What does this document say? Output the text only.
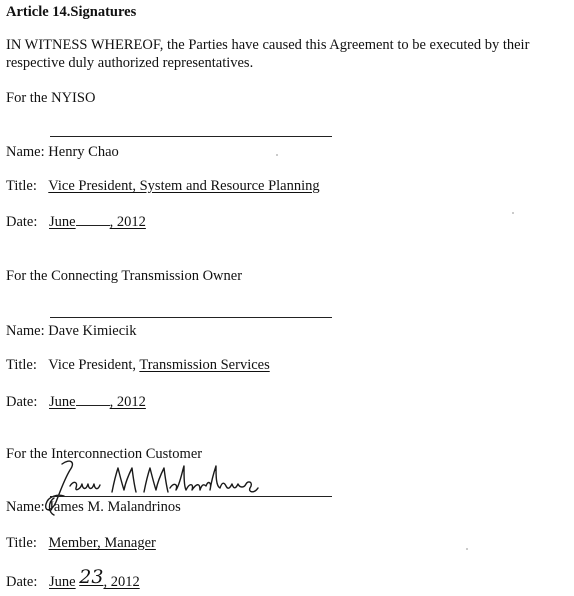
Article 14.Signatures
IN WITNESS WHEREOF, the Parties have caused this Agreement to be executed by their respective duly authorized representatives.
For the NYISO
Name: Henry Chao
Title: Vice President, System and Resource Planning
Date: June , 2012
For the Connecting Transmission Owner
Name: Dave Kimiecik
Title: Vice President, Transmission Services
Date: June , 2012
For the Interconnection Customer
Name: James M. Malandrinos
Title: Member, Manager
Date: June 23, 2012
